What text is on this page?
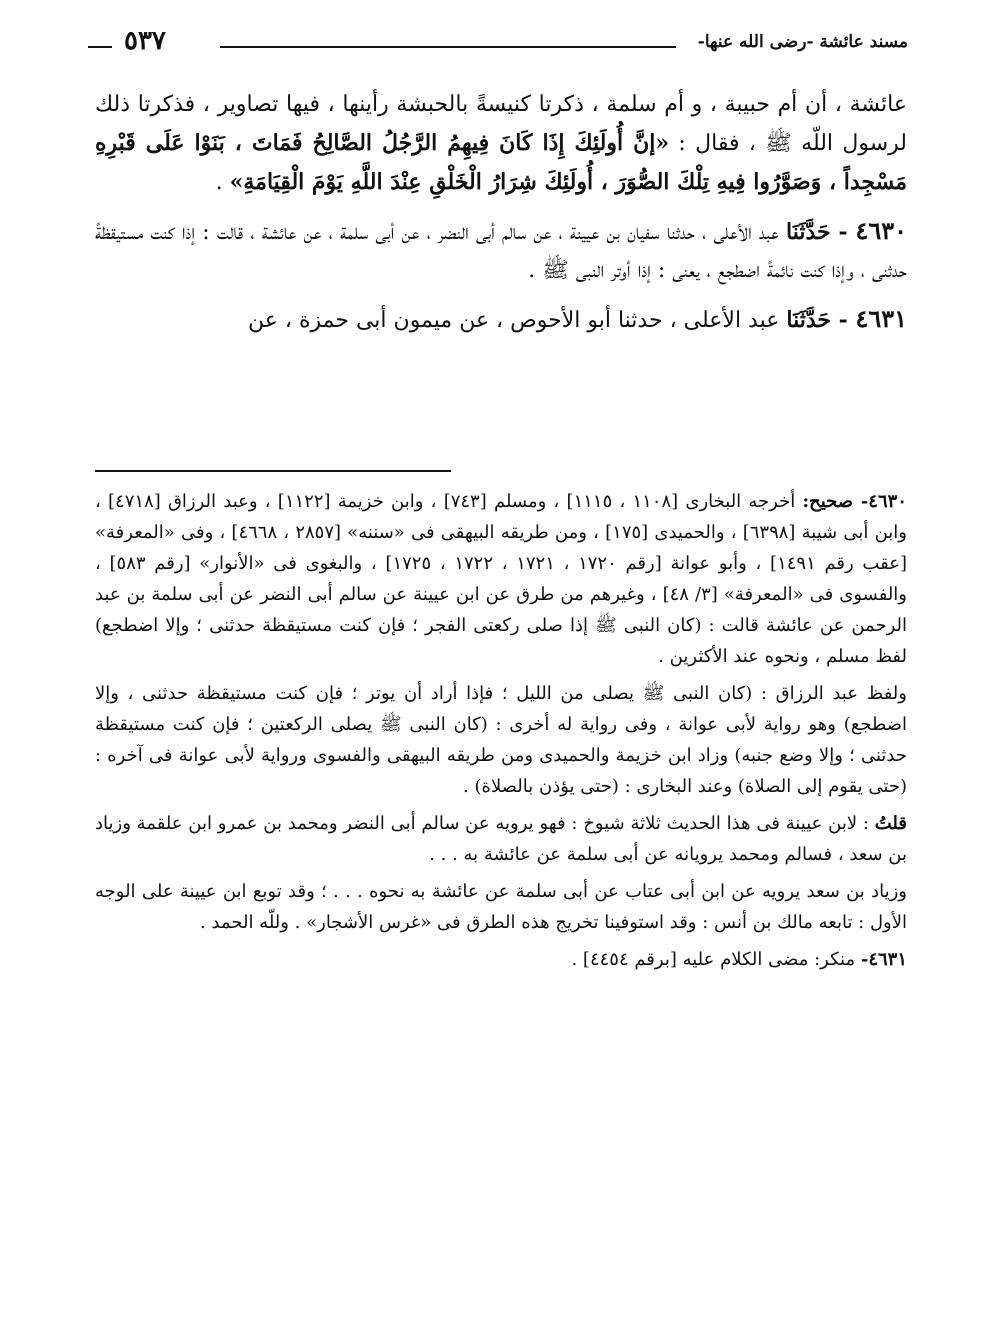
مسند عائشة -رضى الله عنها-
٥٣٧

عائشة ، أن أم حبيبة ، و أم سلمة ، ذكرتا كنيسةً بالحبشة رأينها ، فيها تصاوير ، فذكرتا ذلك لرسول اللّه ﷺ ، فقال : «إنَّ أُولَئِكَ إِذَا كَانَ فِيهِمُ الرَّجُلُ الصَّالِحُ فَمَاتَ ، بَنَوْا عَلَى قَبْرِهِ مَسْجِداً ، وَصَوَّرُوا فِيهِ تِلْكَ الصُّوَرَ ، أُولَئِكَ شِرَارُ الْخَلْقِ عِنْدَ اللَّهِ يَوْمَ الْقِيَامَةِ» .

٤٦٣٠ - حَدَّثَنَا عبد الأعلى ، حدثنا سفيان بن عيينة ، عن سالم أبى النضر ، عن أبى سلمة ، عن عائشة ، قالت : إذا كنت مستيقظةً حدثنى ، وإذا كنت نائمةً اضطجع ، يعنى : إذا أوتر النبى ﷺ .

٤٦٣١ - حَدَّثَنَا عبد الأعلى ، حدثنا أبو الأحوص ، عن ميمون أبى حمزة ، عن

٤٦٣٠- صحيح: أخرجه البخارى [١١٠٨ ، ١١١٥] ، ومسلم [٧٤٣] ، وابن خزيمة [١١٢٢] ، وعبد الرزاق [٤٧١٨] ، وابن أبى شيبة [٦٣٩٨] ، والحميدى [١٧٥] ، ومن طريقه البيهقى فى «سننه» [٢٨٥٧ ، ٤٦٦٨] ، وفى «المعرفة» [عقب رقم ١٤٩١] ، وأبو عوانة [رقم ١٧٢٠ ، ١٧٢١ ، ١٧٢٢ ، ١٧٢٥] ، والبغوى فى «الأنوار» [رقم ٥٨٣] ، والفسوى فى «المعرفة» [٣/ ٤٨] ، وغيرهم من طرق عن ابن عيينة عن سالم أبى النضر عن أبى سلمة بن عبد الرحمن عن عائشة قالت : (كان النبى ﷺ إذا صلى ركعتى الفجر ؛ فإن كنت مستيقظة حدثنى ؛ وإلا اضطجع) لفظ مسلم ، ونحوه عند الأكثرين .

ولفظ عبد الرزاق : (كان النبى ﷺ يصلى من الليل ؛ فإذا أراد أن يوتر ؛ فإن كنت مستيقظة حدثنى ، وإلا اضطجع) وهو رواية لأبى عوانة ، وفى رواية له أخرى : (كان النبى ﷺ يصلى الركعتين ؛ فإن كنت مستيقظة حدثنى ؛ وإلا وضع جنبه) وزاد ابن خزيمة والحميدى ومن طريقه البيهقى والفسوى ورواية لأبى عوانة فى آخره : (حتى يقوم إلى الصلاة) وعند البخارى : (حتى يؤذن بالصلاة) .

قلتُ : لابن عيينة فى هذا الحديث ثلاثة شيوخ : فهو يرويه عن سالم أبى النضر ومحمد بن عمرو ابن علقمة وزياد بن سعد ، فسالم ومحمد يرويانه عن أبى سلمة عن عائشة به . . .

وزياد بن سعد يرويه عن ابن أبى عتاب عن أبى سلمة عن عائشة به نحوه . . . ؛ وقد توبع ابن عيينة على الوجه الأول : تابعه مالك بن أنس : وقد استوفينا تخريج هذه الطرق فى «غرس الأشجار» . وللّه الحمد .

٤٦٣١- منكر: مضى الكلام عليه [برقم ٤٤٥٤] .
